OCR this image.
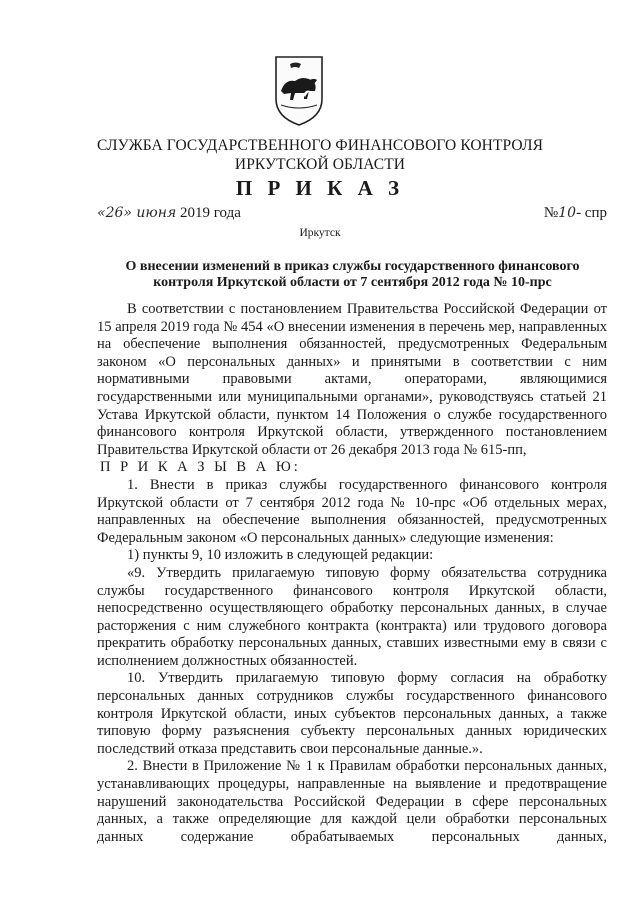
СЛУЖБА ГОСУДАРСТВЕННОГО ФИНАНСОВОГО КОНТРОЛЯ
ИРКУТСКОЙ ОБЛАСТИ
П Р И К А З
«26» июня 2019 года	№10- спр
Иркутск
О внесении изменений в приказ службы государственного финансового
контроля Иркутской области от 7 сентября 2012 года № 10-прс

В соответствии с постановлением Правительства Российской Федерации от 15 апреля 2019 года № 454 «О внесении изменения в перечень мер, направленных на обеспечение выполнения обязанностей, предусмотренных Федеральным законом «О персональных данных» и принятыми в соответствии с ним нормативными правовыми актами, операторами, являющимися государственными или муниципальными органами», руководствуясь статьей 21 Устава Иркутской области, пунктом 14 Положения о службе государственного финансового контроля Иркутской области, утвержденного постановлением Правительства Иркутской области от 26 декабря 2013 года № 615-пп,

П Р И К А З Ы В А Ю:

1. Внести в приказ службы государственного финансового контроля Иркутской области от 7 сентября 2012 года № 10-прс «Об отдельных мерах, направленных на обеспечение выполнения обязанностей, предусмотренных Федеральным законом «О персональных данных» следующие изменения:

1) пункты 9, 10 изложить в следующей редакции:

«9. Утвердить прилагаемую типовую форму обязательства сотрудника службы государственного финансового контроля Иркутской области, непосредственно осуществляющего обработку персональных данных, в случае расторжения с ним служебного контракта (контракта) или трудового договора прекратить обработку персональных данных, ставших известными ему в связи с исполнением должностных обязанностей.

10. Утвердить прилагаемую типовую форму согласия на обработку персональных данных сотрудников службы государственного финансового контроля Иркутской области, иных субъектов персональных данных, а также типовую форму разъяснения субъекту персональных данных юридических последствий отказа представить свои персональные данные.».

2. Внести в Приложение № 1 к Правилам обработки персональных данных, устанавливающих процедуры, направленные на выявление и предотвращение нарушений законодательства Российской Федерации в сфере персональных данных, а также определяющие для каждой цели обработки персональных данных содержание обрабатываемых персональных данных,
